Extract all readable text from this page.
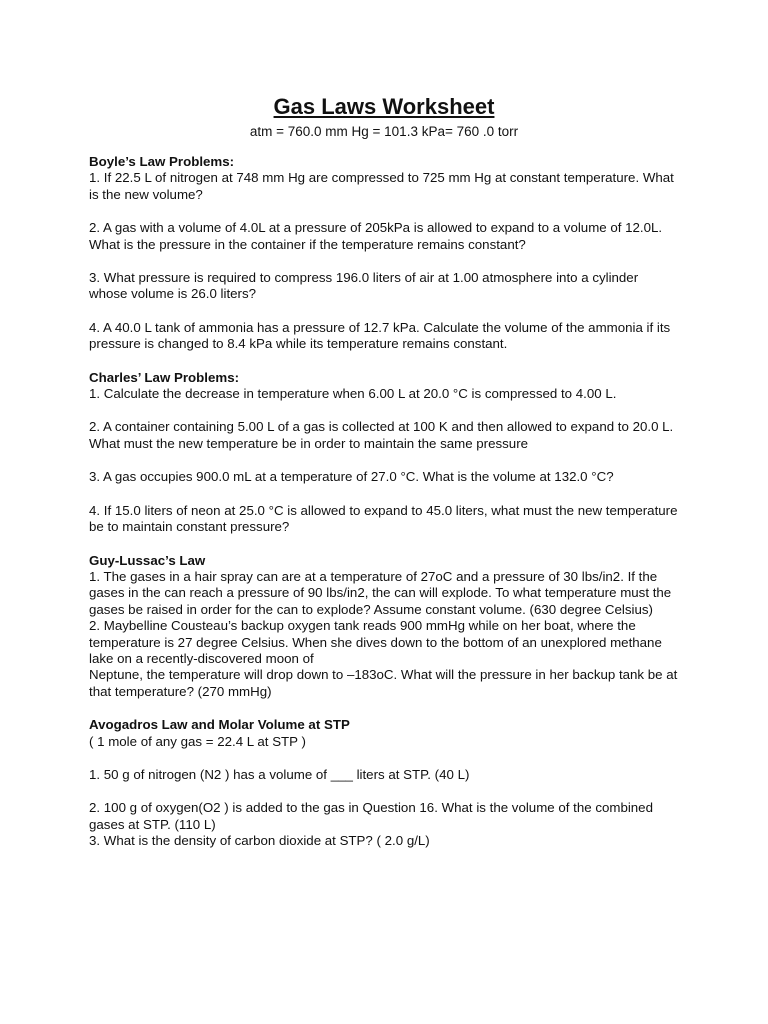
Gas Laws Worksheet
atm = 760.0 mm Hg = 101.3 kPa= 760 .0 torr

Boyle’s Law Problems:

1. If 22.5 L of nitrogen at 748 mm Hg are compressed to 725 mm Hg at constant temperature. What is the new volume?

2. A gas with a volume of 4.0L at a pressure of 205kPa is allowed to expand to a volume of 12.0L. What is the pressure in the container if the temperature remains constant?

3. What pressure is required to compress 196.0 liters of air at 1.00 atmosphere into a cylinder whose volume is 26.0 liters?

4. A 40.0 L tank of ammonia has a pressure of 12.7 kPa. Calculate the volume of the ammonia if its pressure is changed to 8.4 kPa while its temperature remains constant.

Charles’ Law Problems:

1. Calculate the decrease in temperature when 6.00 L at 20.0 °C is compressed to 4.00 L.

2. A container containing 5.00 L of a gas is collected at 100 K and then allowed to expand to 20.0 L. What must the new temperature be in order to maintain the same pressure

3. A gas occupies 900.0 mL at a temperature of 27.0 °C. What is the volume at 132.0 °C?

4. If 15.0 liters of neon at 25.0 °C is allowed to expand to 45.0 liters, what must the new temperature

be to maintain constant pressure?

Guy-Lussac’s Law

1. The gases in a hair spray can are at a temperature of 27oC and a pressure of 30 lbs/in2. If the gases in the can reach a pressure of 90 lbs/in2, the can will explode. To what temperature must the gases be raised in order for the can to explode? Assume constant volume. (630 degree Celsius)

2. Maybelline Cousteau’s backup oxygen tank reads 900 mmHg while on her boat, where the temperature is 27 degree Celsius. When she dives down to the bottom of an unexplored methane lake on a recently-discovered moon of

Neptune, the temperature will drop down to –183oC. What will the pressure in her backup tank be at that temperature? (270 mmHg)

Avogadros Law and Molar Volume at STP

( 1 mole of any gas = 22.4 L at STP )

1. 50 g of nitrogen (N2 ) has a volume of ___ liters at STP. (40 L)

2. 100 g of oxygen(O2 ) is added to the gas in Question 16. What is the volume of the combined gases at STP. (110 L)

3. What is the density of carbon dioxide at STP? ( 2.0 g/L)
